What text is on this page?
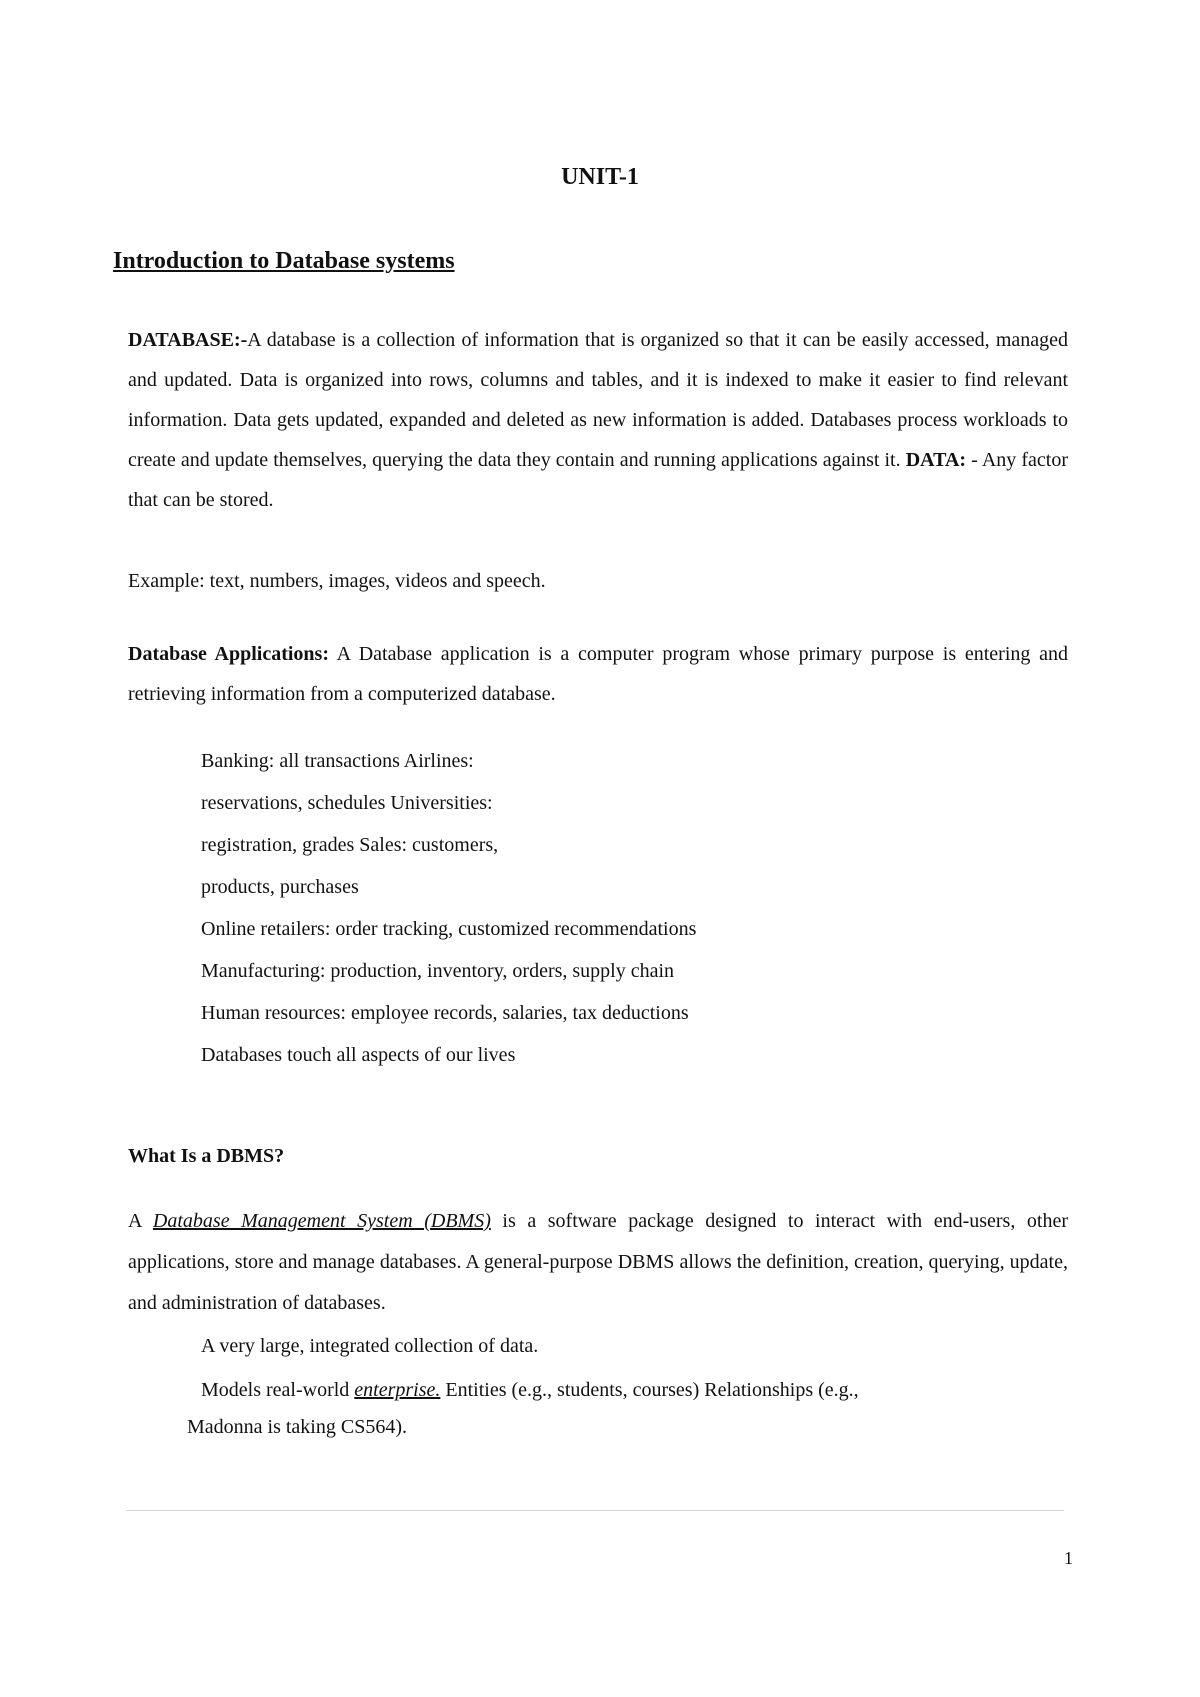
UNIT-1
Introduction to Database systems
DATABASE:-A database is a collection of information that is organized so that it can be easily accessed, managed and updated. Data is organized into rows, columns and tables, and it is indexed to make it easier to find relevant information. Data gets updated, expanded and deleted as new information is added. Databases process workloads to create and update themselves, querying the data they contain and running applications against it. DATA: - Any factor that can be stored.
Example: text, numbers, images, videos and speech.
Database Applications: A Database application is a computer program whose primary purpose is entering and retrieving information from a computerized database.
Banking: all transactions Airlines:
reservations, schedules Universities:
registration, grades Sales: customers,
products, purchases
Online retailers: order tracking, customized recommendations
Manufacturing: production, inventory, orders, supply chain
Human resources: employee records, salaries, tax deductions
Databases touch all aspects of our lives
What Is a DBMS?
A Database Management System (DBMS) is a software package designed to interact with end-users, other applications, store and manage databases. A general-purpose DBMS allows the definition, creation, querying, update, and administration of databases.
A very large, integrated collection of data.
Models real-world enterprise. Entities (e.g., students, courses) Relationships (e.g.,
Madonna is taking CS564).
1
